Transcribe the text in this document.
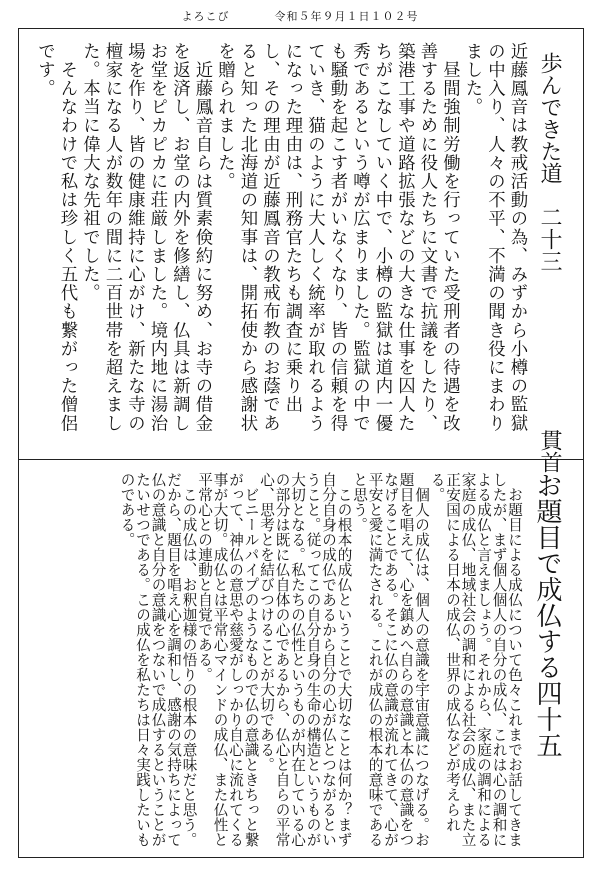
よろこび	令和５年９月１日１０２号
歩んできた道　二十三 貫首
近藤鳳音は教戒活動の為、みずから小樽の監獄の中入り、人々の不平、不満の聞き役にまわりました。
　昼間強制労働を行っていた受刑者の待遇を改善するために役人たちに文書で抗議をしたり、築港工事や道路拡張などの大きな仕事を囚人たちがこなしていく中で、小樽の監獄は道内一優秀であるという噂が広まりました。監獄の中でも騒動を起こす者がいなくなり、皆の信頼を得ていき、猫のように大人しく統率が取れるようになった理由は、刑務官たちも調査に乗り出し、その理由が近藤鳳音の教戒布教のお蔭であると知った北海道の知事は、開拓使から感謝状を贈られました。
　近藤鳳音自らは質素倹約に努め、お寺の借金を返済し、お堂の内外を修繕し、仏具は新調しお堂をピカピカに荘厳しました。境内地に湯治場を作り、皆の健康維持に心がけ、新たな寺の檀家になる人が数年の間に二百世帯を超えました。本当に偉大な先祖でした。
　そんなわけで私は珍しく五代も繋がった僧侶です。
お題目で成仏する四十五
　お題目による成仏について色々これまでお話してきましたが、まず個人個人の自分の成仏、これは心の調和による成仏と言えましょう。それから、家庭の調和による家庭の成仏、地域社会の調和による社会の成仏、また立正安国による日本の成仏、世界の成仏などが考えられる。
　個人の成仏は、個人の意識を宇宙意識につなげる。お題目を唱えて、心を鎮めへ自らの意識と本仏の意識をつなげることである。そこに仏の意識が流れてきて、心が平安と愛に満たされる。これが成仏の根本的意味であると思う。
　この根本的成仏ということで大切なことは何か？まず自分自身の成仏であるから自分の心が仏とつながるということ。従ってこの自分自身の生命の構造というものが大切となる。私たちの仏性というものが内在している心の部分は既に仏自体の心であるから、仏心と自らの平常心、思考とを結びつけることが大切である。
　ビニールパイプのようなもので仏の意識ときちっと繋がって、神仏の意思や慈愛がしっかり自心に流れてくる事が大切。成仏とは平常心マインドの成仏、また仏性と平常心との連動と自覚である。
　この成仏は、お釈迦様の悟りの根本の意味だと思う。だから、題目を唱え心を調和し、感謝の気持ちによって仏の意識と自分の意識をつないで成仏するということがたいせつである。この成仏を私たちは日々実践したいものである。
